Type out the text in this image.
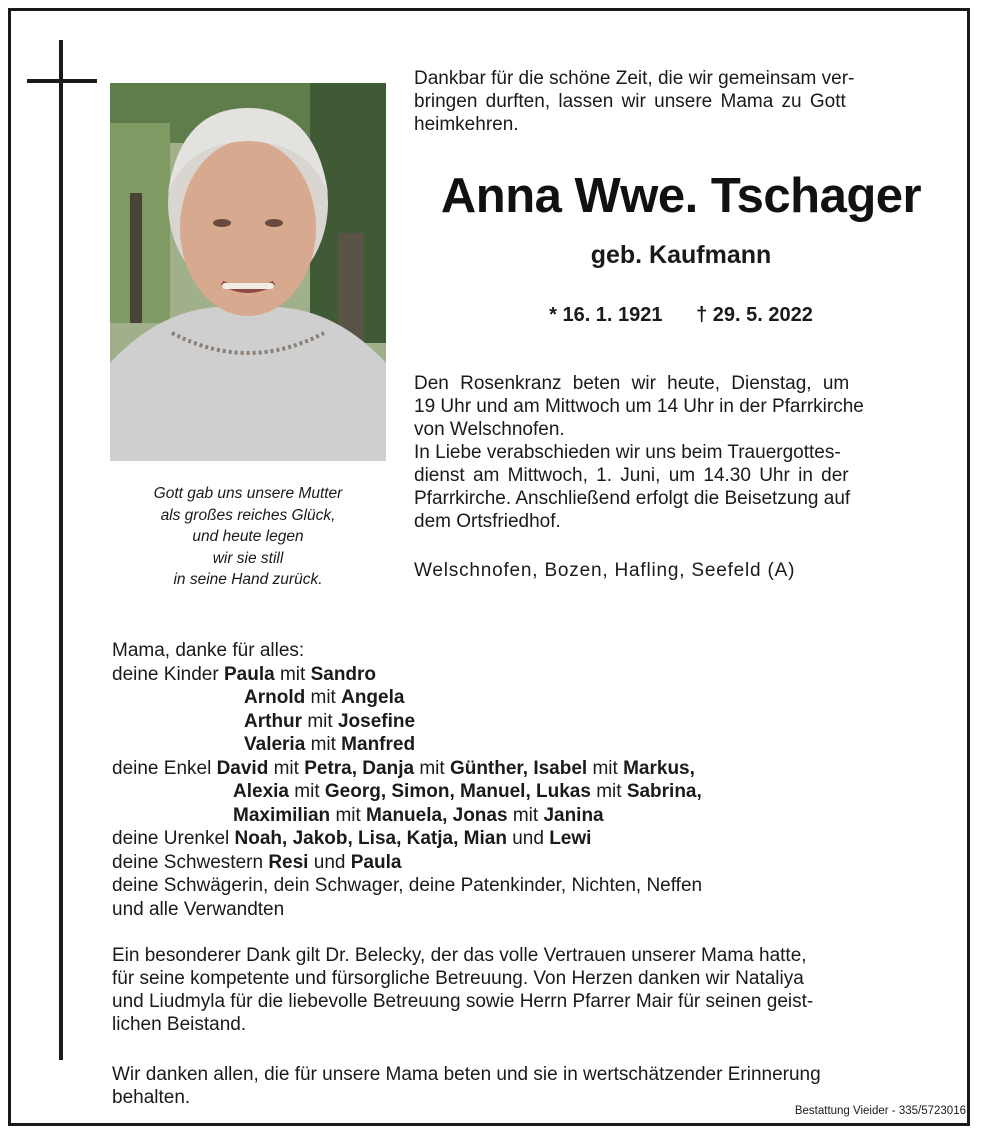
Gott gab uns unsere Mutter
als großes reiches Glück,
und heute legen
wir sie still
in seine Hand zurück.
Dankbar für die schöne Zeit, die wir gemeinsam ver-
bringen durften, lassen wir unsere Mama zu Gott
heimkehren.
Anna Wwe. Tschager
geb. Kaufmann
* 16. 1. 1921 † 29. 5. 2022
Den Rosenkranz beten wir heute, Dienstag, um
19 Uhr und am Mittwoch um 14 Uhr in der Pfarrkirche
von Welschnofen.
In Liebe verabschieden wir uns beim Trauergottes-
dienst am Mittwoch, 1. Juni, um 14.30 Uhr in der
Pfarrkirche. Anschließend erfolgt die Beisetzung auf
dem Ortsfriedhof.
Welschnofen, Bozen, Hafling, Seefeld (A)
Mama, danke für alles:
deine Kinder Paula mit Sandro
Arnold mit Angela
Arthur mit Josefine
Valeria mit Manfred
deine Enkel David mit Petra, Danja mit Günther, Isabel mit Markus,
Alexia mit Georg, Simon, Manuel, Lukas mit Sabrina,
Maximilian mit Manuela, Jonas mit Janina
deine Urenkel Noah, Jakob, Lisa, Katja, Mian und Lewi
deine Schwestern Resi und Paula
deine Schwägerin, dein Schwager, deine Patenkinder, Nichten, Neffen
und alle Verwandten
Ein besonderer Dank gilt Dr. Belecky, der das volle Vertrauen unserer Mama hatte,
für seine kompetente und fürsorgliche Betreuung. Von Herzen danken wir Nataliya
und Liudmyla für die liebevolle Betreuung sowie Herrn Pfarrer Mair für seinen geist-
lichen Beistand.
Wir danken allen, die für unsere Mama beten und sie in wertschätzender Erinnerung
behalten.
Bestattung Vieider - 335/5723016
